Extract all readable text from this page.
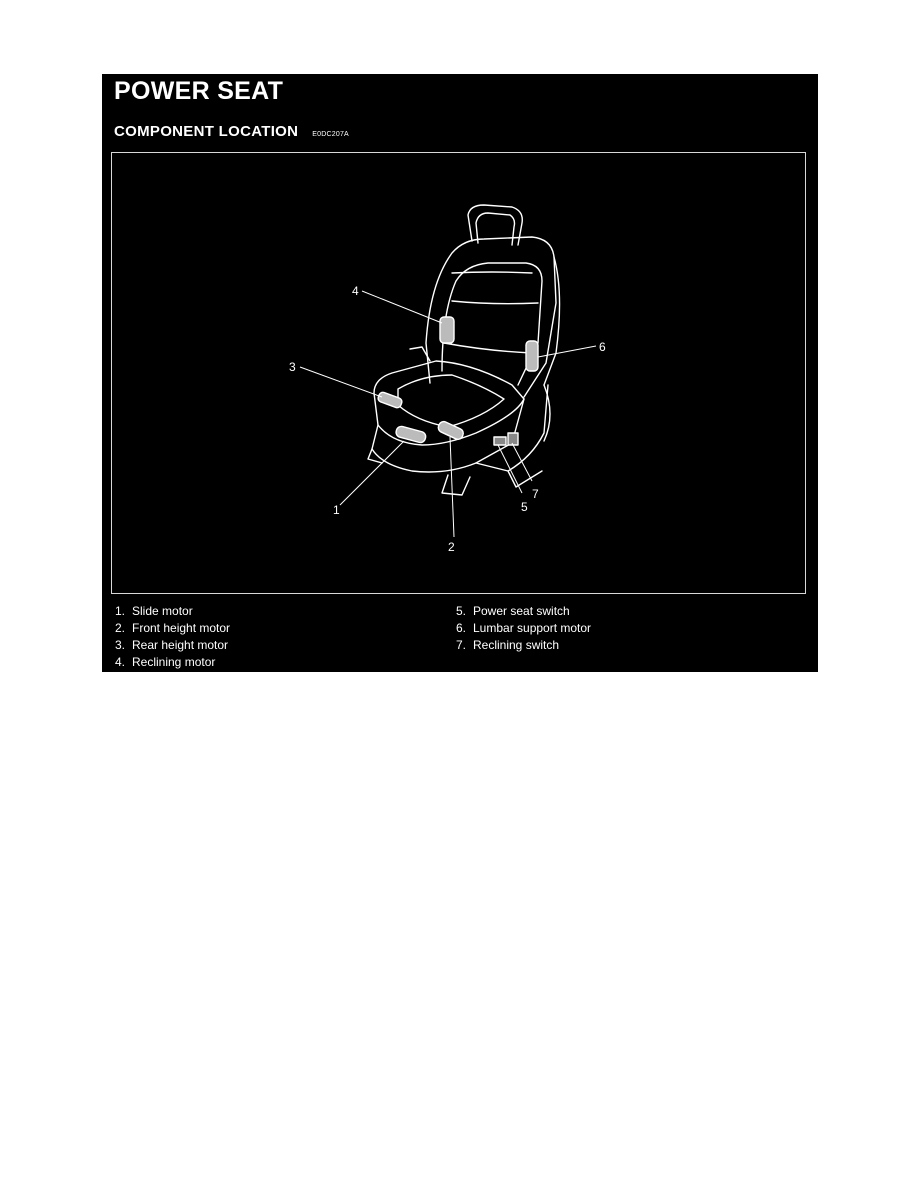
POWER SEAT
COMPONENT LOCATION E0DC207A
1
2
3
4
5
6
7
1. Slide motor
2. Front height motor
3. Rear height motor
4. Reclining motor
5. Power seat switch
6. Lumbar support motor
7. Reclining switch
